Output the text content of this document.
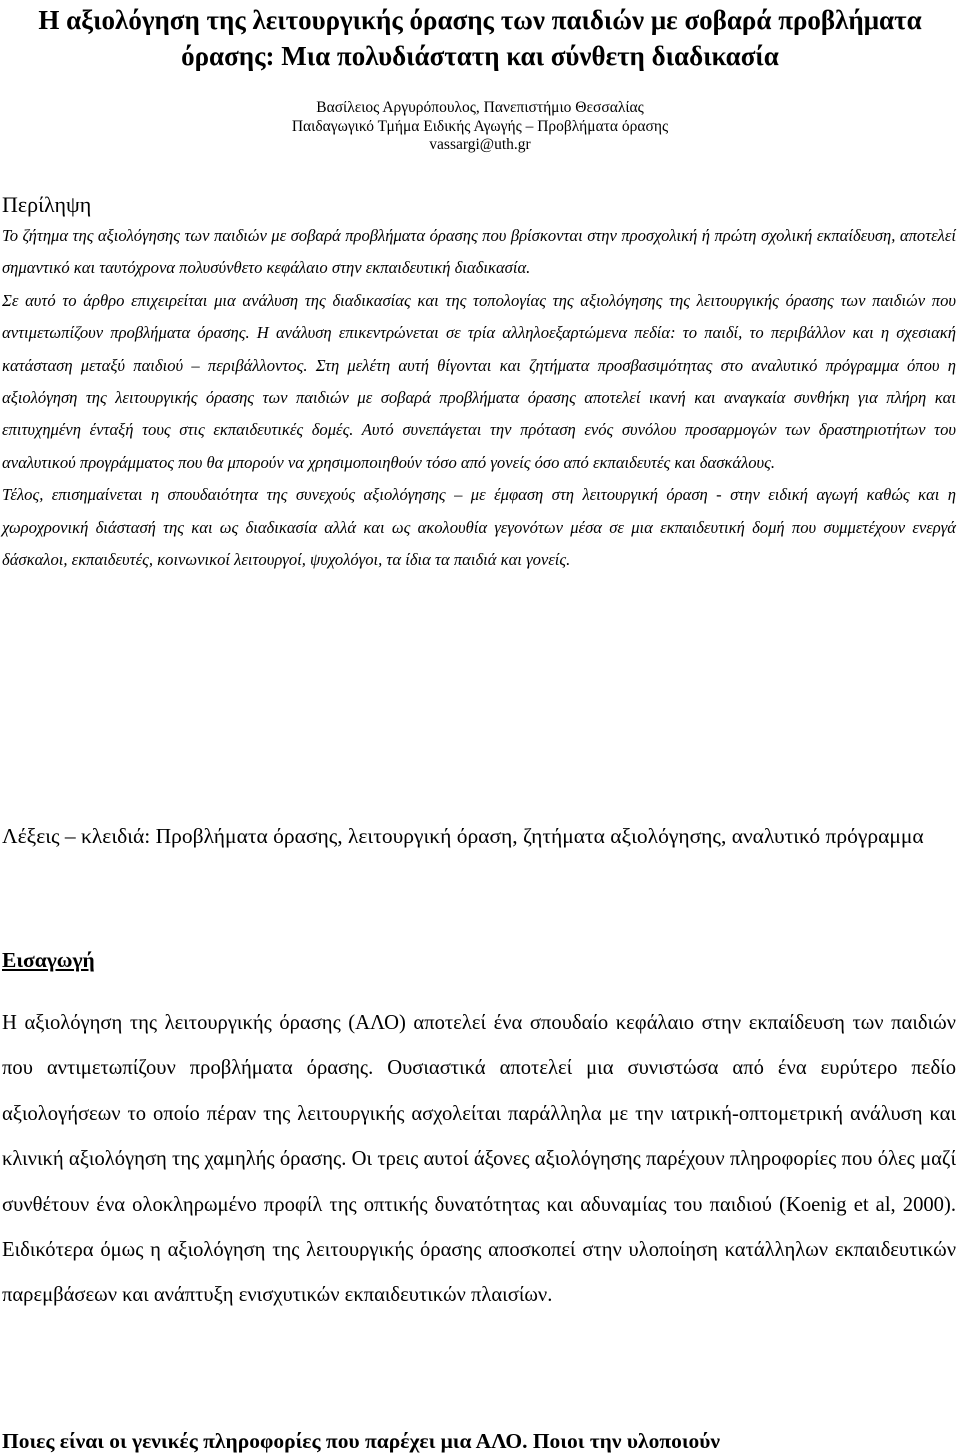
Η αξιολόγηση της λειτουργικής όρασης των παιδιών με σοβαρά προβλήματα όρασης: Μια πολυδιάστατη και σύνθετη διαδικασία
Βασίλειος Αργυρόπουλος, Πανεπιστήμιο Θεσσαλίας
Παιδαγωγικό Τμήμα Ειδικής Αγωγής – Προβλήματα όρασης
vassargi@uth.gr
Περίληψη

Το ζήτημα της αξιολόγησης των παιδιών με σοβαρά προβλήματα όρασης που βρίσκονται στην προσχολική ή πρώτη σχολική εκπαίδευση, αποτελεί σημαντικό και ταυτόχρονα πολυσύνθετο κεφάλαιο στην εκπαιδευτική διαδικασία.

Σε αυτό το άρθρο επιχειρείται μια ανάλυση της διαδικασίας και της τοπολογίας της αξιολόγησης της λειτουργικής όρασης των παιδιών που αντιμετωπίζουν προβλήματα όρασης. Η ανάλυση επικεντρώνεται σε τρία αλληλοεξαρτώμενα πεδία: το παιδί, το περιβάλλον και η σχεσιακή κατάσταση μεταξύ παιδιού – περιβάλλοντος. Στη μελέτη αυτή θίγονται και ζητήματα προσβασιμότητας στο αναλυτικό πρόγραμμα όπου η αξιολόγηση της λειτουργικής όρασης των παιδιών με σοβαρά προβλήματα όρασης αποτελεί ικανή και αναγκαία συνθήκη για πλήρη και επιτυχημένη ένταξή τους στις εκπαιδευτικές δομές. Αυτό συνεπάγεται την πρόταση ενός συνόλου προσαρμογών των δραστηριοτήτων του αναλυτικού προγράμματος που θα μπορούν να χρησιμοποιηθούν τόσο από γονείς όσο από εκπαιδευτές και δασκάλους.

Τέλος, επισημαίνεται η σπουδαιότητα της συνεχούς αξιολόγησης – με έμφαση στη λειτουργική όραση - στην ειδική αγωγή καθώς και η χωροχρονική διάστασή της και ως διαδικασία αλλά και ως ακολουθία γεγονότων μέσα σε μια εκπαιδευτική δομή που συμμετέχουν ενεργά δάσκαλοι, εκπαιδευτές, κοινωνικοί λειτουργοί, ψυχολόγοι, τα ίδια τα παιδιά και γονείς.

Λέξεις – κλειδιά: Προβλήματα όρασης, λειτουργική όραση, ζητήματα αξιολόγησης, αναλυτικό πρόγραμμα

Εισαγωγή

Η αξιολόγηση της λειτουργικής όρασης (ΑΛΟ) αποτελεί ένα σπουδαίο κεφάλαιο στην εκπαίδευση των παιδιών που αντιμετωπίζουν προβλήματα όρασης. Ουσιαστικά αποτελεί μια συνιστώσα από ένα ευρύτερο πεδίο αξιολογήσεων το οποίο πέραν της λειτουργικής ασχολείται παράλληλα με την ιατρική-οπτομετρική ανάλυση και κλινική αξιολόγηση της χαμηλής όρασης. Οι τρεις αυτοί άξονες αξιολόγησης παρέχουν πληροφορίες που όλες μαζί συνθέτουν ένα ολοκληρωμένο προφίλ της οπτικής δυνατότητας και αδυναμίας του παιδιού (Koenig et al, 2000). Ειδικότερα όμως η αξιολόγηση της λειτουργικής όρασης αποσκοπεί στην υλοποίηση κατάλληλων εκπαιδευτικών παρεμβάσεων και ανάπτυξη ενισχυτικών εκπαιδευτικών πλαισίων.

Ποιες είναι οι γενικές πληροφορίες που παρέχει μια ΑΛΟ. Ποιοι την υλοποιούν
